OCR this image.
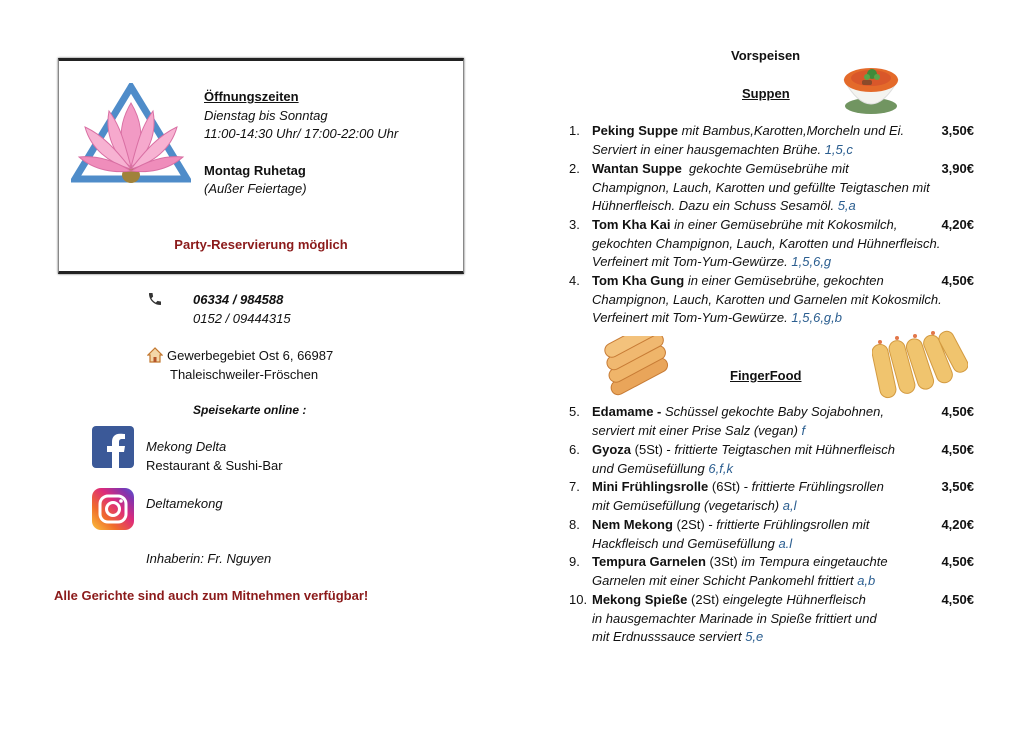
Öffnungszeiten
Dienstag bis Sonntag
11:00-14:30 Uhr/ 17:00-22:00 Uhr
Montag Ruhetag
(Außer Feiertage)
Party-Reservierung möglich
06334 / 984588
0152 / 09444315
Gewerbegebiet Ost 6, 66987
Thaleischweiler-Fröschen
Speisekarte online :
Mekong Delta
Restaurant & Sushi-Bar
Deltamekong
Inhaberin: Fr. Nguyen
Alle Gerichte sind auch zum Mitnehmen verfügbar!
Vorspeisen
Suppen
1. Peking Suppe mit Bambus,Karotten,Morcheln und Ei.
Serviert in einer hausgemachten Brühe. 1,5,c
3,50€
2. Wantan Suppe gekochte Gemüsebrühe mit
Champignon, Lauch, Karotten und gefüllte Teigtaschen mit
Hühnerfleisch. Dazu ein Schuss Sesamöl. 5,a
3,90€
3. Tom Kha Kai in einer Gemüsebrühe mit Kokosmilch,
gekochten Champignon, Lauch, Karotten und Hühnerfleisch.
Verfeinert mit Tom-Yum-Gewürze. 1,5,6,g
4,20€
4. Tom Kha Gung in einer Gemüsebrühe, gekochten
Champignon, Lauch, Karotten und Garnelen mit Kokosmilch.
Verfeinert mit Tom-Yum-Gewürze. 1,5,6,g,b
4,50€
FingerFood
5. Edamame - Schüssel gekochte Baby Sojabohnen,
serviert mit einer Prise Salz (vegan) f
4,50€
6. Gyoza (5St) - frittierte Teigtaschen mit Hühnerfleisch
und Gemüsefüllung 6,f,k
4,50€
7. Mini Frühlingsrolle (6St) - frittierte Frühlingsrollen
mit Gemüsefüllung (vegetarisch) a,l
3,50€
8. Nem Mekong (2St) - frittierte Frühlingsrollen mit
Hackfleisch und Gemüsefüllung a.l
4,20€
9. Tempura Garnelen (3St) im Tempura eingetauchte
Garnelen mit einer Schicht Pankomehl frittiert a,b
4,50€
10. Mekong Spieße (2St) eingelegte Hühnerfleisch
in hausgemachter Marinade in Spieße frittiert und
mit Erdnusssauce serviert 5,e
4,50€
